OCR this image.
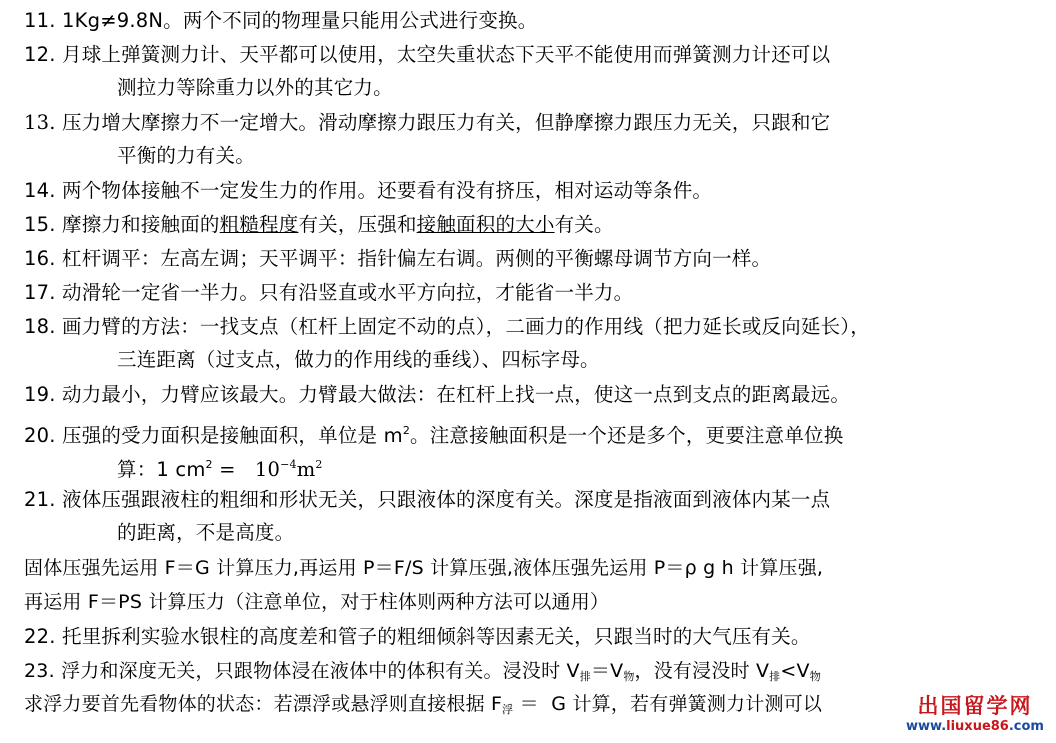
11. 1Kg≠9.8N。两个不同的物理量只能用公式进行变换。
12. 月球上弹簧测力计、天平都可以使用，太空失重状态下天平不能使用而弹簧测力计还可以
测拉力等除重力以外的其它力。
13. 压力增大摩擦力不一定增大。滑动摩擦力跟压力有关，但静摩擦力跟压力无关，只跟和它
平衡的力有关。
14. 两个物体接触不一定发生力的作用。还要看有没有挤压，相对运动等条件。
15. 摩擦力和接触面的粗糙程度有关，压强和接触面积的大小有关。
16. 杠杆调平：左高左调；天平调平：指针偏左右调。两侧的平衡螺母调节方向一样。
17. 动滑轮一定省一半力。只有沿竖直或水平方向拉，才能省一半力。
18. 画力臂的方法：一找支点（杠杆上固定不动的点），二画力的作用线（把力延长或反向延长），
三连距离（过支点，做力的作用线的垂线）、四标字母。
19. 动力最小，力臂应该最大。力臂最大做法：在杠杆上找一点，使这一点到支点的距离最远。
20. 压强的受力面积是接触面积，单位是 $m^2$。注意接触面积是一个还是多个，更要注意单位换
算：1 $cm^2 = 10^{-4}m^2$
21. 液体压强跟液柱的粗细和形状无关，只跟液体的深度有关。深度是指液面到液体内某一点
的距离，不是高度。
固体压强先运用 F＝G 计算压力,再运用 P＝F/S 计算压强,液体压强先运用 P＝ρ g h 计算压强,
再运用 F＝PS 计算压力（注意单位，对于柱体则两种方法可以通用）
22. 托里拆利实验水银柱的高度差和管子的粗细倾斜等因素无关，只跟当时的大气压有关。
23. 浮力和深度无关，只跟物体浸在液体中的体积有关。浸没时 $V_排=V_物$，没有浸没时 $V_排<V_物$
求浮力要首先看物体的状态：若漂浮或悬浮则直接根据 $F_浮 = G$ 计算，若有弹簧测力计测可以	出国留学网
www.liuxue86.com
